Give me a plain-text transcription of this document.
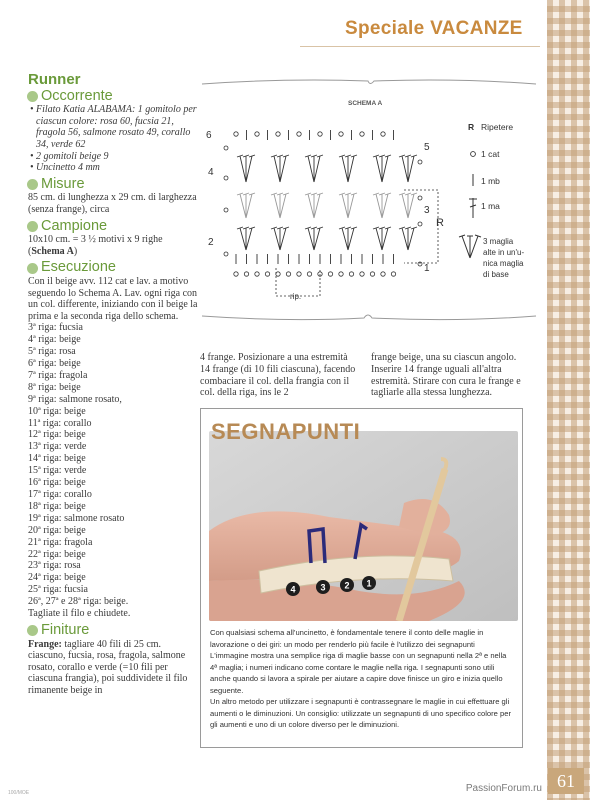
61
Speciale VACANZE
Runner
Occorrente

• Filato Katia ALABAMA: 1 gomitolo per ciascun colore: rosa 60, fucsia 21, fragola 56, salmone rosato 49, corallo 34, verde 62

• 2 gomitoli beige 9

• Uncinetto 4 mm

Misure

85 cm. di lunghezza x 29 cm. di larghezza (senza frange), circa

Campione

10x10 cm. = 3 ½ motivi x 9 righe (Schema A)

Esecuzione

Con il beige avv. 112 cat e lav. a motivo seguendo lo Schema A. Lav. ogni riga con un col. differente, iniziando con il beige la prima e la seconda riga dello schema.

3ª riga: fucsia

4ª riga: beige

5ª riga: rosa

6ª riga: beige

7ª riga: fragola

8ª riga: beige

9ª riga: salmone rosato,

10ª riga: beige

11ª riga: corallo

12ª riga: beige

13ª riga: verde

14ª riga: beige

15ª riga: verde

16ª riga: beige

17ª riga: corallo

18ª riga: beige

19ª riga: salmone rosato

20ª riga: beige

21ª riga: fragola

22ª riga: beige

23ª riga: rosa

24ª riga: beige

25ª riga: fucsia

26ª, 27ª e 28ª riga: beige.

Tagliate il filo e chiudete.

Finiture

Frange: tagliare 40 fili di 25 cm. ciascuno, fucsia, rosa, fragola, salmone rosato, corallo e verde (=10 fili per ciascuna frangia), poi suddividete il filo rimanente beige in

SCHEMA A
6
5
4
3
2
1
R
rip.
R Ripetere
1 cat
1 mb
1 ma
3 maglia alte in un'u-nica maglia di base
4 frange. Posizionare a una estremità 14 frange (di 10 fili ciascuna), facendo combaciare il col. della frangia con il col. della riga, ins le 2
frange beige, una su ciascun angolo. Inserire 14 frange uguali all'altra estremità. Stirare con cura le frange e tagliarle alla stessa lunghezza.
4	3 2 1
SEGNAPUNTI

Con qualsiasi schema all'uncinetto, è fondamentale tenere il conto delle maglie in lavorazione o dei giri: un modo per renderlo più facile è l'utilizzo dei segnapunti L'immagine mostra una semplice riga di maglie basse con un segnapunti nella 2ª e nella 4ª maglia; i numeri indicano come contare le maglie nella riga. I segnapunti sono utili anche quando si lavora a spirale per aiutare a capire dove finisce un giro e inizia quello seguente.

Un altro metodo per utilizzare i segnapunti è contrassegnare le maglie in cui effettuare gli aumenti o le diminuzioni. Un consiglio: utilizzate un segnapunti di uno specifico colore per gli aumenti e uno di un colore diverso per le diminuzioni.

100/MOE	PassionForum.ru
